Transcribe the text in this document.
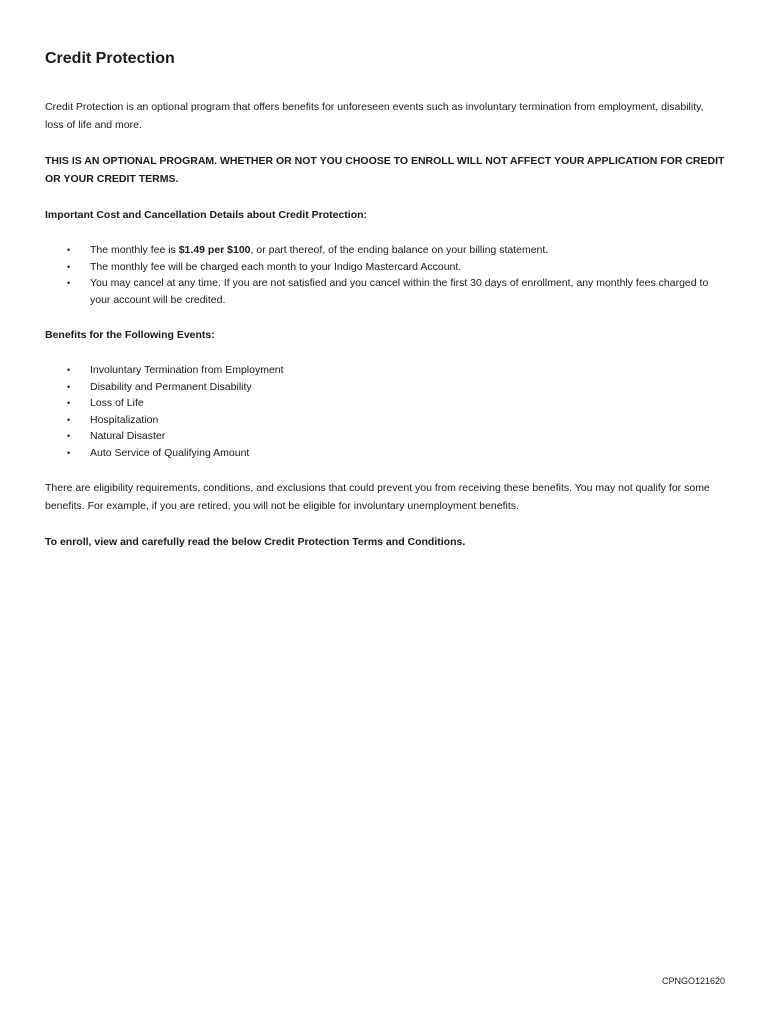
Credit Protection

Credit Protection is an optional program that offers benefits for unforeseen events such as involuntary termination from employment, disability, loss of life and more.

THIS IS AN OPTIONAL PROGRAM. WHETHER OR NOT YOU CHOOSE TO ENROLL WILL NOT AFFECT YOUR APPLICATION FOR CREDIT OR YOUR CREDIT TERMS.

Important Cost and Cancellation Details about Credit Protection:
• The monthly fee is $1.49 per $100, or part thereof, of the ending balance on your billing statement.
• The monthly fee will be charged each month to your Indigo Mastercard Account.
• You may cancel at any time. If you are not satisfied and you cancel within the first 30 days of enrollment, any monthly fees charged to your account will be credited.
Benefits for the Following Events:
• Involuntary Termination from Employment
• Disability and Permanent Disability
• Loss of Life
• Hospitalization
• Natural Disaster
• Auto Service of Qualifying Amount

There are eligibility requirements, conditions, and exclusions that could prevent you from receiving these benefits. You may not qualify for some benefits. For example, if you are retired, you will not be eligible for involuntary unemployment benefits.

To enroll, view and carefully read the below Credit Protection Terms and Conditions.

CPNGO121620
